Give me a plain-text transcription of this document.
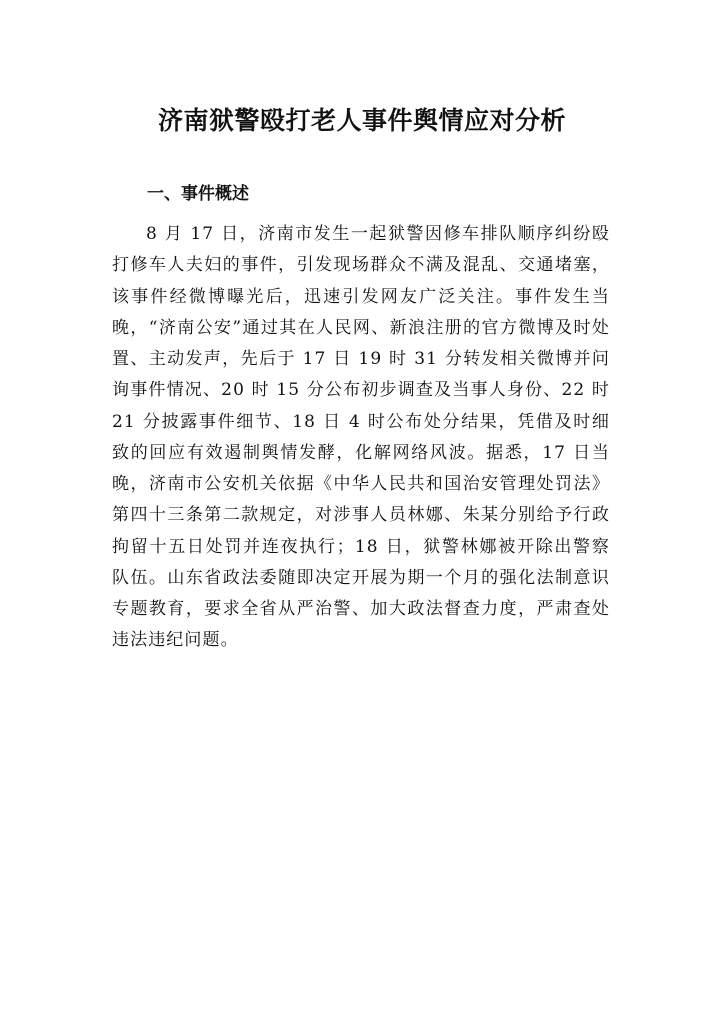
济南狱警殴打老人事件舆情应对分析
一、事件概述

8 月 17 日，济南市发生一起狱警因修车排队顺序纠纷殴打修车人夫妇的事件，引发现场群众不满及混乱、交通堵塞，该事件经微博曝光后，迅速引发网友广泛关注。事件发生当晚，“济南公安”通过其在人民网、新浪注册的官方微博及时处置、主动发声，先后于 17 日 19 时 31 分转发相关微博并问询事件情况、20 时 15 分公布初步调查及当事人身份、22 时 21 分披露事件细节、18 日 4 时公布处分结果，凭借及时细致的回应有效遏制舆情发酵，化解网络风波。据悉，17 日当晚，济南市公安机关依据《中华人民共和国治安管理处罚法》第四十三条第二款规定，对涉事人员林娜、朱某分别给予行政拘留十五日处罚并连夜执行；18 日，狱警林娜被开除出警察队伍。山东省政法委随即决定开展为期一个月的强化法制意识专题教育，要求全省从严治警、加大政法督查力度，严肃查处违法违纪问题。
